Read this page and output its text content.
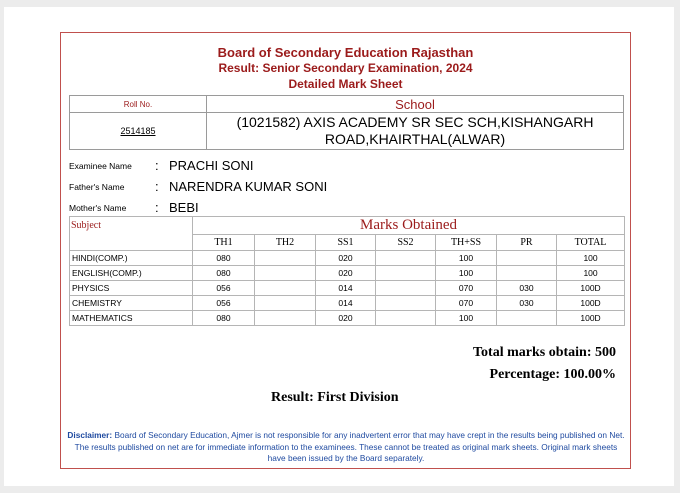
Board of Secondary Education Rajasthan
Result: Senior Secondary Examination, 2024
Detailed Mark Sheet
Roll No.	School
2514185	(1021582) AXIS ACADEMY SR SEC SCH,KISHANGARH
ROAD,KHAIRTHAL(ALWAR)
Examinee Name : PRACHI SONI
Father's Name : NARENDRA KUMAR SONI
Mother's Name : BEBI
Subject	Marks Obtained						
	TH1	TH2	SS1	SS2	TH+SS	PR	TOTAL
HINDI(COMP.)	080		020		100		100
ENGLISH(COMP.)	080		020		100		100
PHYSICS	056		014		070	030	100D
CHEMISTRY	056		014		070	030	100D
MATHEMATICS	080		020		100		100D
Total marks obtain: 500
Percentage: 100.00%
Result: First Division
Disclaimer: Board of Secondary Education, Ajmer is not responsible for any inadvertent error that may have crept in the results being published on Net. The results published on net are for immediate information to the examinees. These cannot be treated as original mark sheets. Original mark sheets have been issued by the Board separately.
